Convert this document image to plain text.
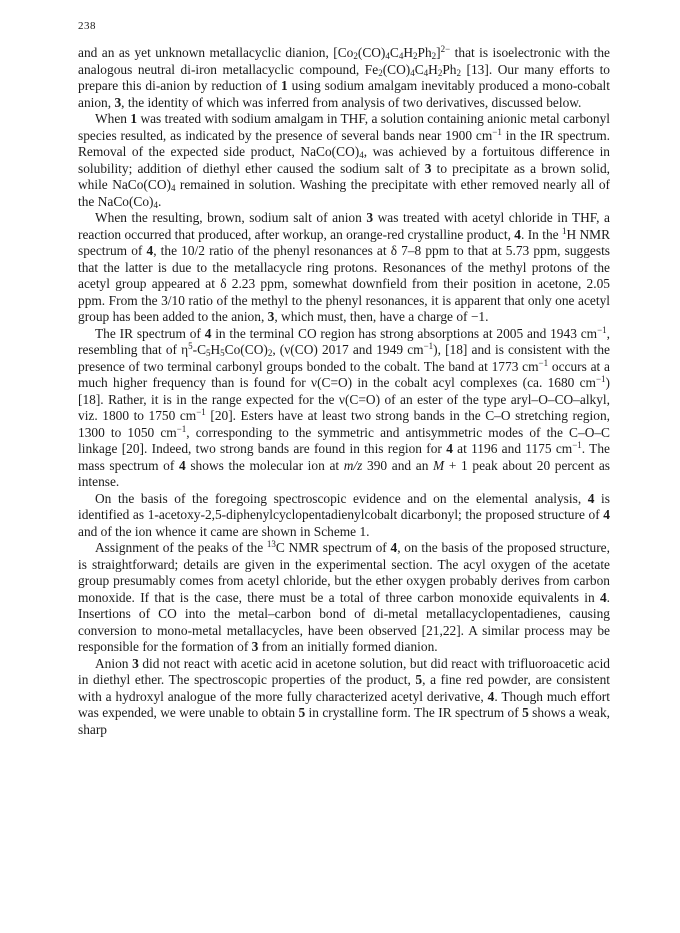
238

and an as yet unknown metallacyclic dianion, $[Co_2(CO)_4C_4H_2Ph_2]^{2-}$ that is isoelectronic with the analogous neutral di-iron metallacyclic compound, $Fe_2(CO)_4C_4H_2Ph_2$ [13]. Our many efforts to prepare this di-anion by reduction of 1 using sodium amalgam inevitably produced a mono-cobalt anion, 3, the identity of which was inferred from analysis of two derivatives, discussed below.

When 1 was treated with sodium amalgam in THF, a solution containing anionic metal carbonyl species resulted, as indicated by the presence of several bands near 1900 $cm^{-1}$ in the IR spectrum. Removal of the expected side product, $NaCo(CO)_4$, was achieved by a fortuitous difference in solubility; addition of diethyl ether caused the sodium salt of 3 to precipitate as a brown solid, while $NaCo(CO)_4$ remained in solution. Washing the precipitate with ether removed nearly all of the $NaCo(Co)_4$.

When the resulting, brown, sodium salt of anion 3 was treated with acetyl chloride in THF, a reaction occurred that produced, after workup, an orange-red crystalline product, 4. In the $^1$H NMR spectrum of 4, the 10/2 ratio of the phenyl resonances at δ 7–8 ppm to that at 5.73 ppm, suggests that the latter is due to the metallacycle ring protons. Resonances of the methyl protons of the acetyl group appeared at δ 2.23 ppm, somewhat downfield from their position in acetone, 2.05 ppm. From the 3/10 ratio of the methyl to the phenyl resonances, it is apparent that only one acetyl group has been added to the anion, 3, which must, then, have a charge of −1.

The IR spectrum of 4 in the terminal CO region has strong absorptions at 2005 and 1943 $cm^{-1}$, resembling that of $\eta^5-C_5H_5Co(CO)_2$, (ν(CO) 2017 and 1949 $cm^{-1}$), [18] and is consistent with the presence of two terminal carbonyl groups bonded to the cobalt. The band at 1773 $cm^{-1}$ occurs at a much higher frequency than is found for ν(C=O) in the cobalt acyl complexes (ca. 1680 $cm^{-1}$) [18]. Rather, it is in the range expected for the ν(C=O) of an ester of the type aryl–O–CO–alkyl, viz. 1800 to 1750 $cm^{-1}$ [20]. Esters have at least two strong bands in the C–O stretching region, 1300 to 1050 $cm^{-1}$, corresponding to the symmetric and antisymmetric modes of the C–O–C linkage [20]. Indeed, two strong bands are found in this region for 4 at 1196 and 1175 $cm^{-1}$. The mass spectrum of 4 shows the molecular ion at m/z 390 and an M + 1 peak about 20 percent as intense.

On the basis of the foregoing spectroscopic evidence and on the elemental analysis, 4 is identified as 1-acetoxy-2,5-diphenylcyclopentadienylcobalt dicarbonyl; the proposed structure of 4 and of the ion whence it came are shown in Scheme 1.

Assignment of the peaks of the $^{13}$C NMR spectrum of 4, on the basis of the proposed structure, is straightforward; details are given in the experimental section. The acyl oxygen of the acetate group presumably comes from acetyl chloride, but the ether oxygen probably derives from carbon monoxide. If that is the case, there must be a total of three carbon monoxide equivalents in 4. Insertions of CO into the metal–carbon bond of di-metal metallacyclopentadienes, causing conversion to mono-metal metallacycles, have been observed [21,22]. A similar process may be responsible for the formation of 3 from an initially formed dianion.

Anion 3 did not react with acetic acid in acetone solution, but did react with trifluoroacetic acid in diethyl ether. The spectroscopic properties of the product, 5, a fine red powder, are consistent with a hydroxyl analogue of the more fully characterized acetyl derivative, 4. Though much effort was expended, we were unable to obtain 5 in crystalline form. The IR spectrum of 5 shows a weak, sharp
